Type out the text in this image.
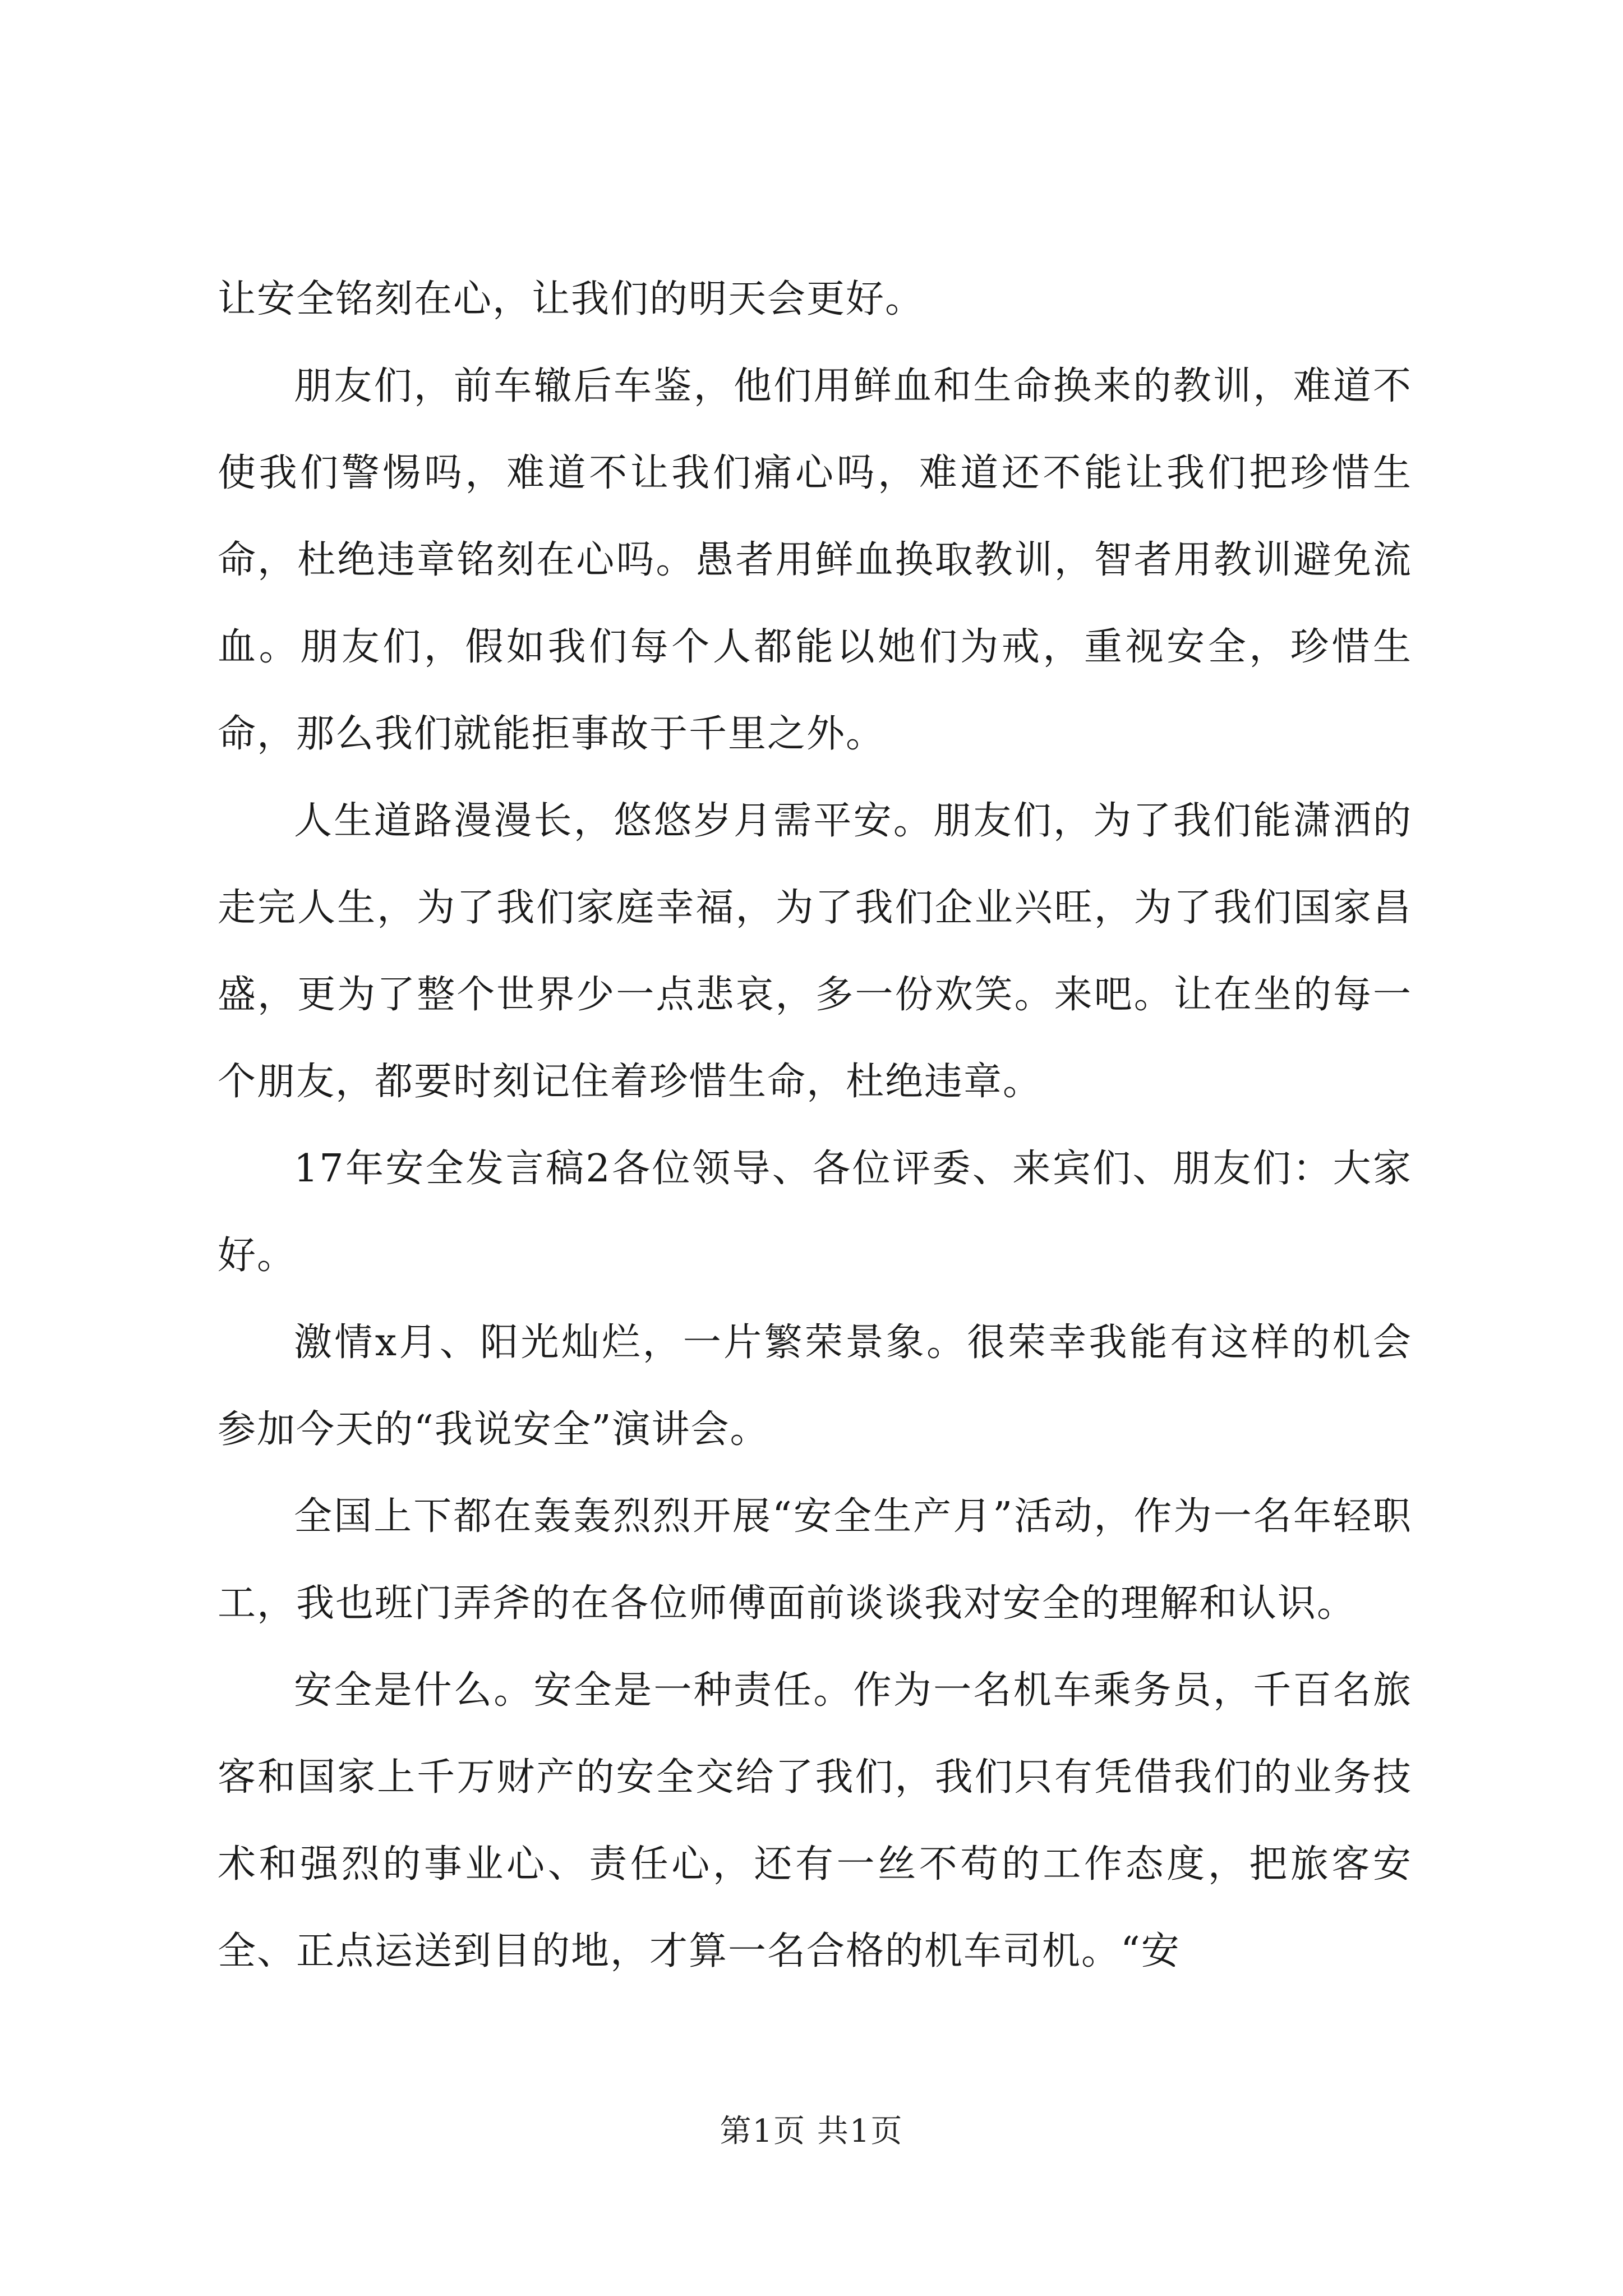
让安全铭刻在心，让我们的明天会更好。

朋友们，前车辙后车鉴，他们用鲜血和生命换来的教训，难道不使我们警惕吗，难道不让我们痛心吗，难道还不能让我们把珍惜生命，杜绝违章铭刻在心吗。愚者用鲜血换取教训，智者用教训避免流血。朋友们，假如我们每个人都能以她们为戒，重视安全，珍惜生命，那么我们就能拒事故于千里之外。

人生道路漫漫长，悠悠岁月需平安。朋友们，为了我们能潇洒的走完人生，为了我们家庭幸福，为了我们企业兴旺，为了我们国家昌盛，更为了整个世界少一点悲哀，多一份欢笑。来吧。让在坐的每一个朋友，都要时刻记住着珍惜生命，杜绝违章。

17年安全发言稿2各位领导、各位评委、来宾们、朋友们：大家好。

激情x月、阳光灿烂，一片繁荣景象。很荣幸我能有这样的机会参加今天的“我说安全”演讲会。

全国上下都在轰轰烈烈开展“安全生产月”活动，作为一名年轻职工，我也班门弄斧的在各位师傅面前谈谈我对安全的理解和认识。

安全是什么。安全是一种责任。作为一名机车乘务员，千百名旅客和国家上千万财产的安全交给了我们，我们只有凭借我们的业务技术和强烈的事业心、责任心，还有一丝不苟的工作态度，把旅客安全、正点运送到目的地，才算一名合格的机车司机。“安

第1页 共1页
